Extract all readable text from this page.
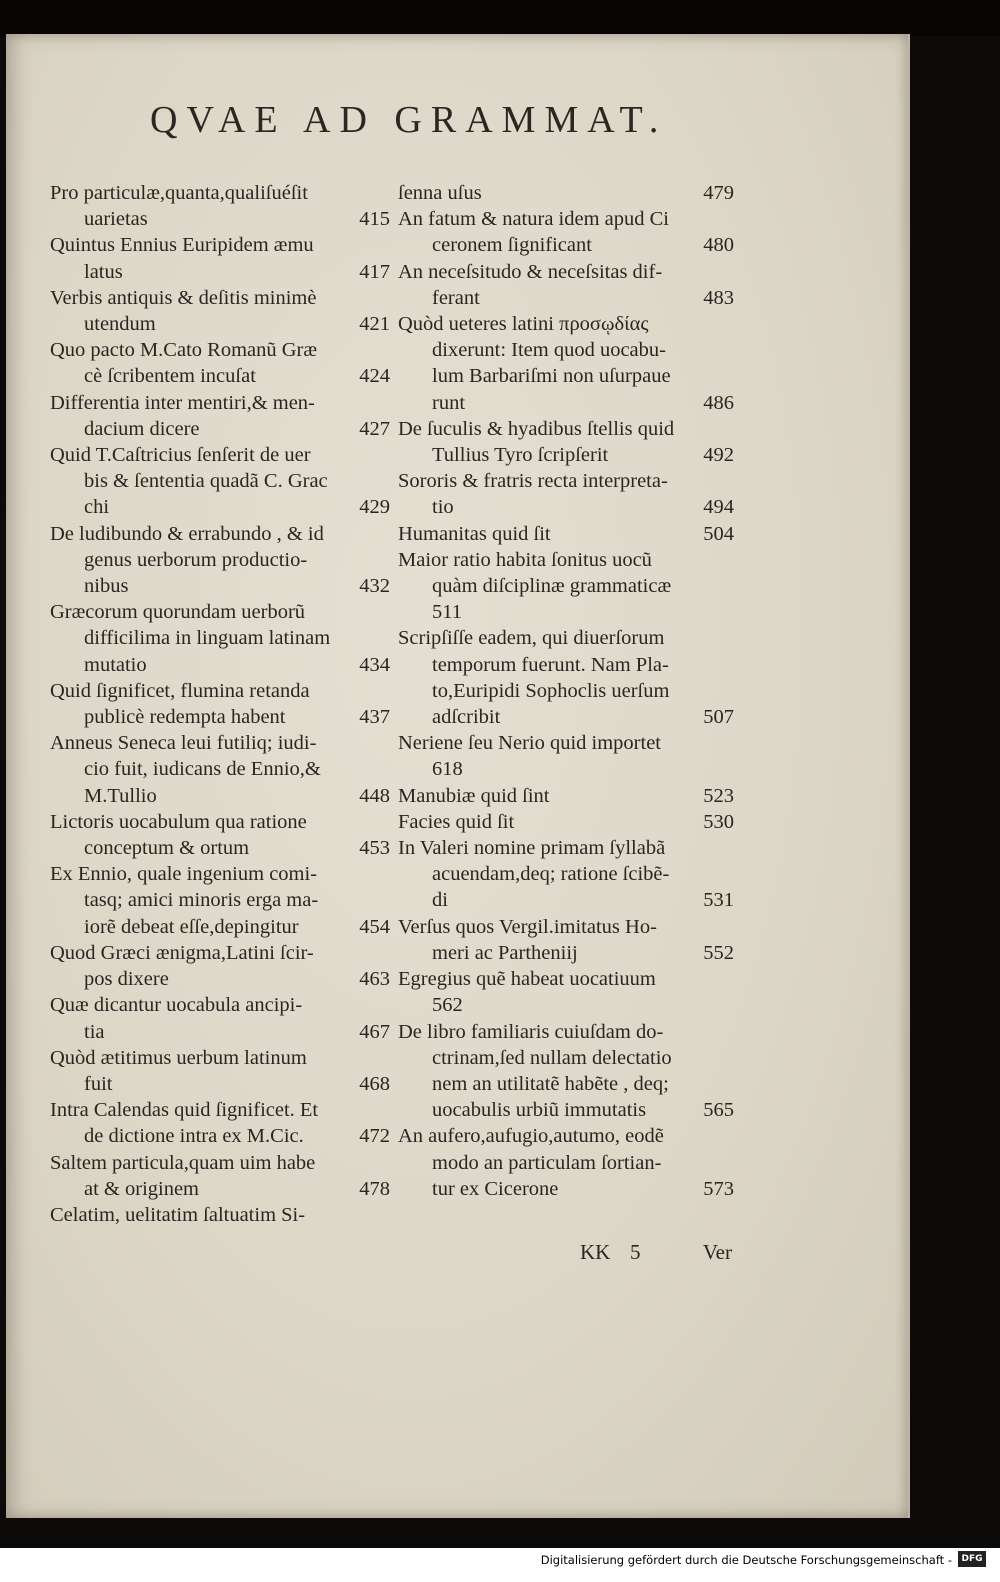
QVAE AD GRAMMAT.
Pro particulæ,quanta,qualiſuéſit
uarietas	415
Quintus Ennius Euripidem æmu
latus	417
Verbis antiquis & deſitis minimè
utendum	421
Quo pacto M.Cato Romanũ Græ
cè ſcribentem incuſat	424
Differentia inter mentiri,& men-
dacium dicere	427
Quid T.Caſtricius ſenſerit de uer
bis & ſententia quadã C. Grac
chi	429
De ludibundo & errabundo , & id
genus uerborum productio-
nibus	432
Græcorum quorundam uerborũ
difficilima in linguam latinam
mutatio	434
Quid ſignificet, flumina retanda
publicè redempta habent	437
Anneus Seneca leui futiliq; iudi-
cio fuit, iudicans de Ennio,&
M.Tullio	448
Lictoris uocabulum qua ratione
conceptum & ortum	453
Ex Ennio, quale ingenium comi-
tasq; amici minoris erga ma-
iorẽ debeat eſſe,depingitur	454
Quod Græci ænigma,Latini ſcir-
pos dixere	463
Quæ dicantur uocabula ancipi-
tia	467
Quòd ætitimus uerbum latinum
fuit	468
Intra Calendas quid ſignificet. Et
de dictione intra ex M.Cic.	472
Saltem particula,quam uim habe
at & originem	478
Celatim, uelitatim ſaltuatim Si-
ſenna uſus	479
An fatum & natura idem apud Ci
ceronem ſignificant	480
An neceſsitudo & neceſsitas dif-
ferant	483
Quòd ueteres latini προσῳδίας
dixerunt: Item quod uocabu-
lum Barbariſmi non uſurpaue
runt	486
De ſuculis & hyadibus ſtellis quid
Tullius Tyro ſcripſerit	492
Sororis & fratris recta interpreta-
tio	494
Humanitas quid ſit	504
Maior ratio habita ſonitus uocũ
quàm diſciplinæ grammaticæ
511
Scripſiſſe eadem, qui diuerſorum
temporum fuerunt. Nam Pla-
to,Euripidi Sophoclis uerſum
adſcribit	507
Neriene ſeu Nerio quid importet
618
Manubiæ quid ſint	523
Facies quid ſit	530
In Valeri nomine primam ſyllabã
acuendam,deq; ratione ſcibẽ-
di	531
Verſus quos Vergil.imitatus Ho-
meri ac Partheniĳ	552
Egregius quẽ habeat uocatiuum
562
De libro familiaris cuiuſdam do-
ctrinam,ſed nullam delectatio
nem an utilitatẽ habẽte , deq;
uocabulis urbiũ immutatis	565
An aufero,aufugio,autumo, eodẽ
modo an particulam ſortian-
tur ex Cicerone	573
KK 5	Ver
Digitalisierung gefördert durch die Deutsche Forschungsgemeinschaft -	DFG
